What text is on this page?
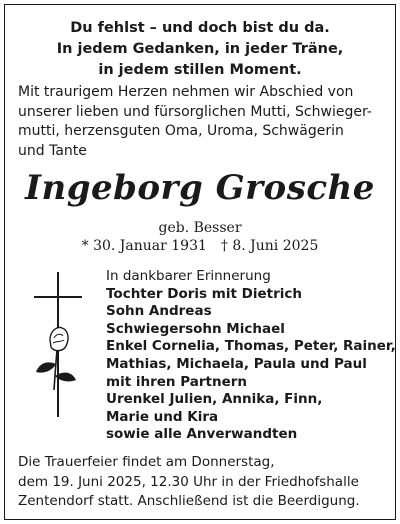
Du fehlst – und doch bist du da.
In jedem Gedanken, in jeder Träne,
in jedem stillen Moment.
Mit traurigem Herzen nehmen wir Abschied von
unserer lieben und fürsorglichen Mutti, Schwieger-
mutti, herzensguten Oma, Uroma, Schwägerin
und Tante
Ingeborg Grosche
geb. Besser
* 30. Januar 1931 † 8. Juni 2025
In dankbarer Erinnerung
Tochter Doris mit Dietrich
Sohn Andreas
Schwiegersohn Michael
Enkel Cornelia, Thomas, Peter, Rainer,
Mathias, Michaela, Paula und Paul
mit ihren Partnern
Urenkel Julien, Annika, Finn,
Marie und Kira
sowie alle Anverwandten
Die Trauerfeier findet am Donnerstag,
dem 19. Juni 2025, 12.30 Uhr in der Friedhofshalle
Zentendorf statt. Anschließend ist die Beerdigung.
